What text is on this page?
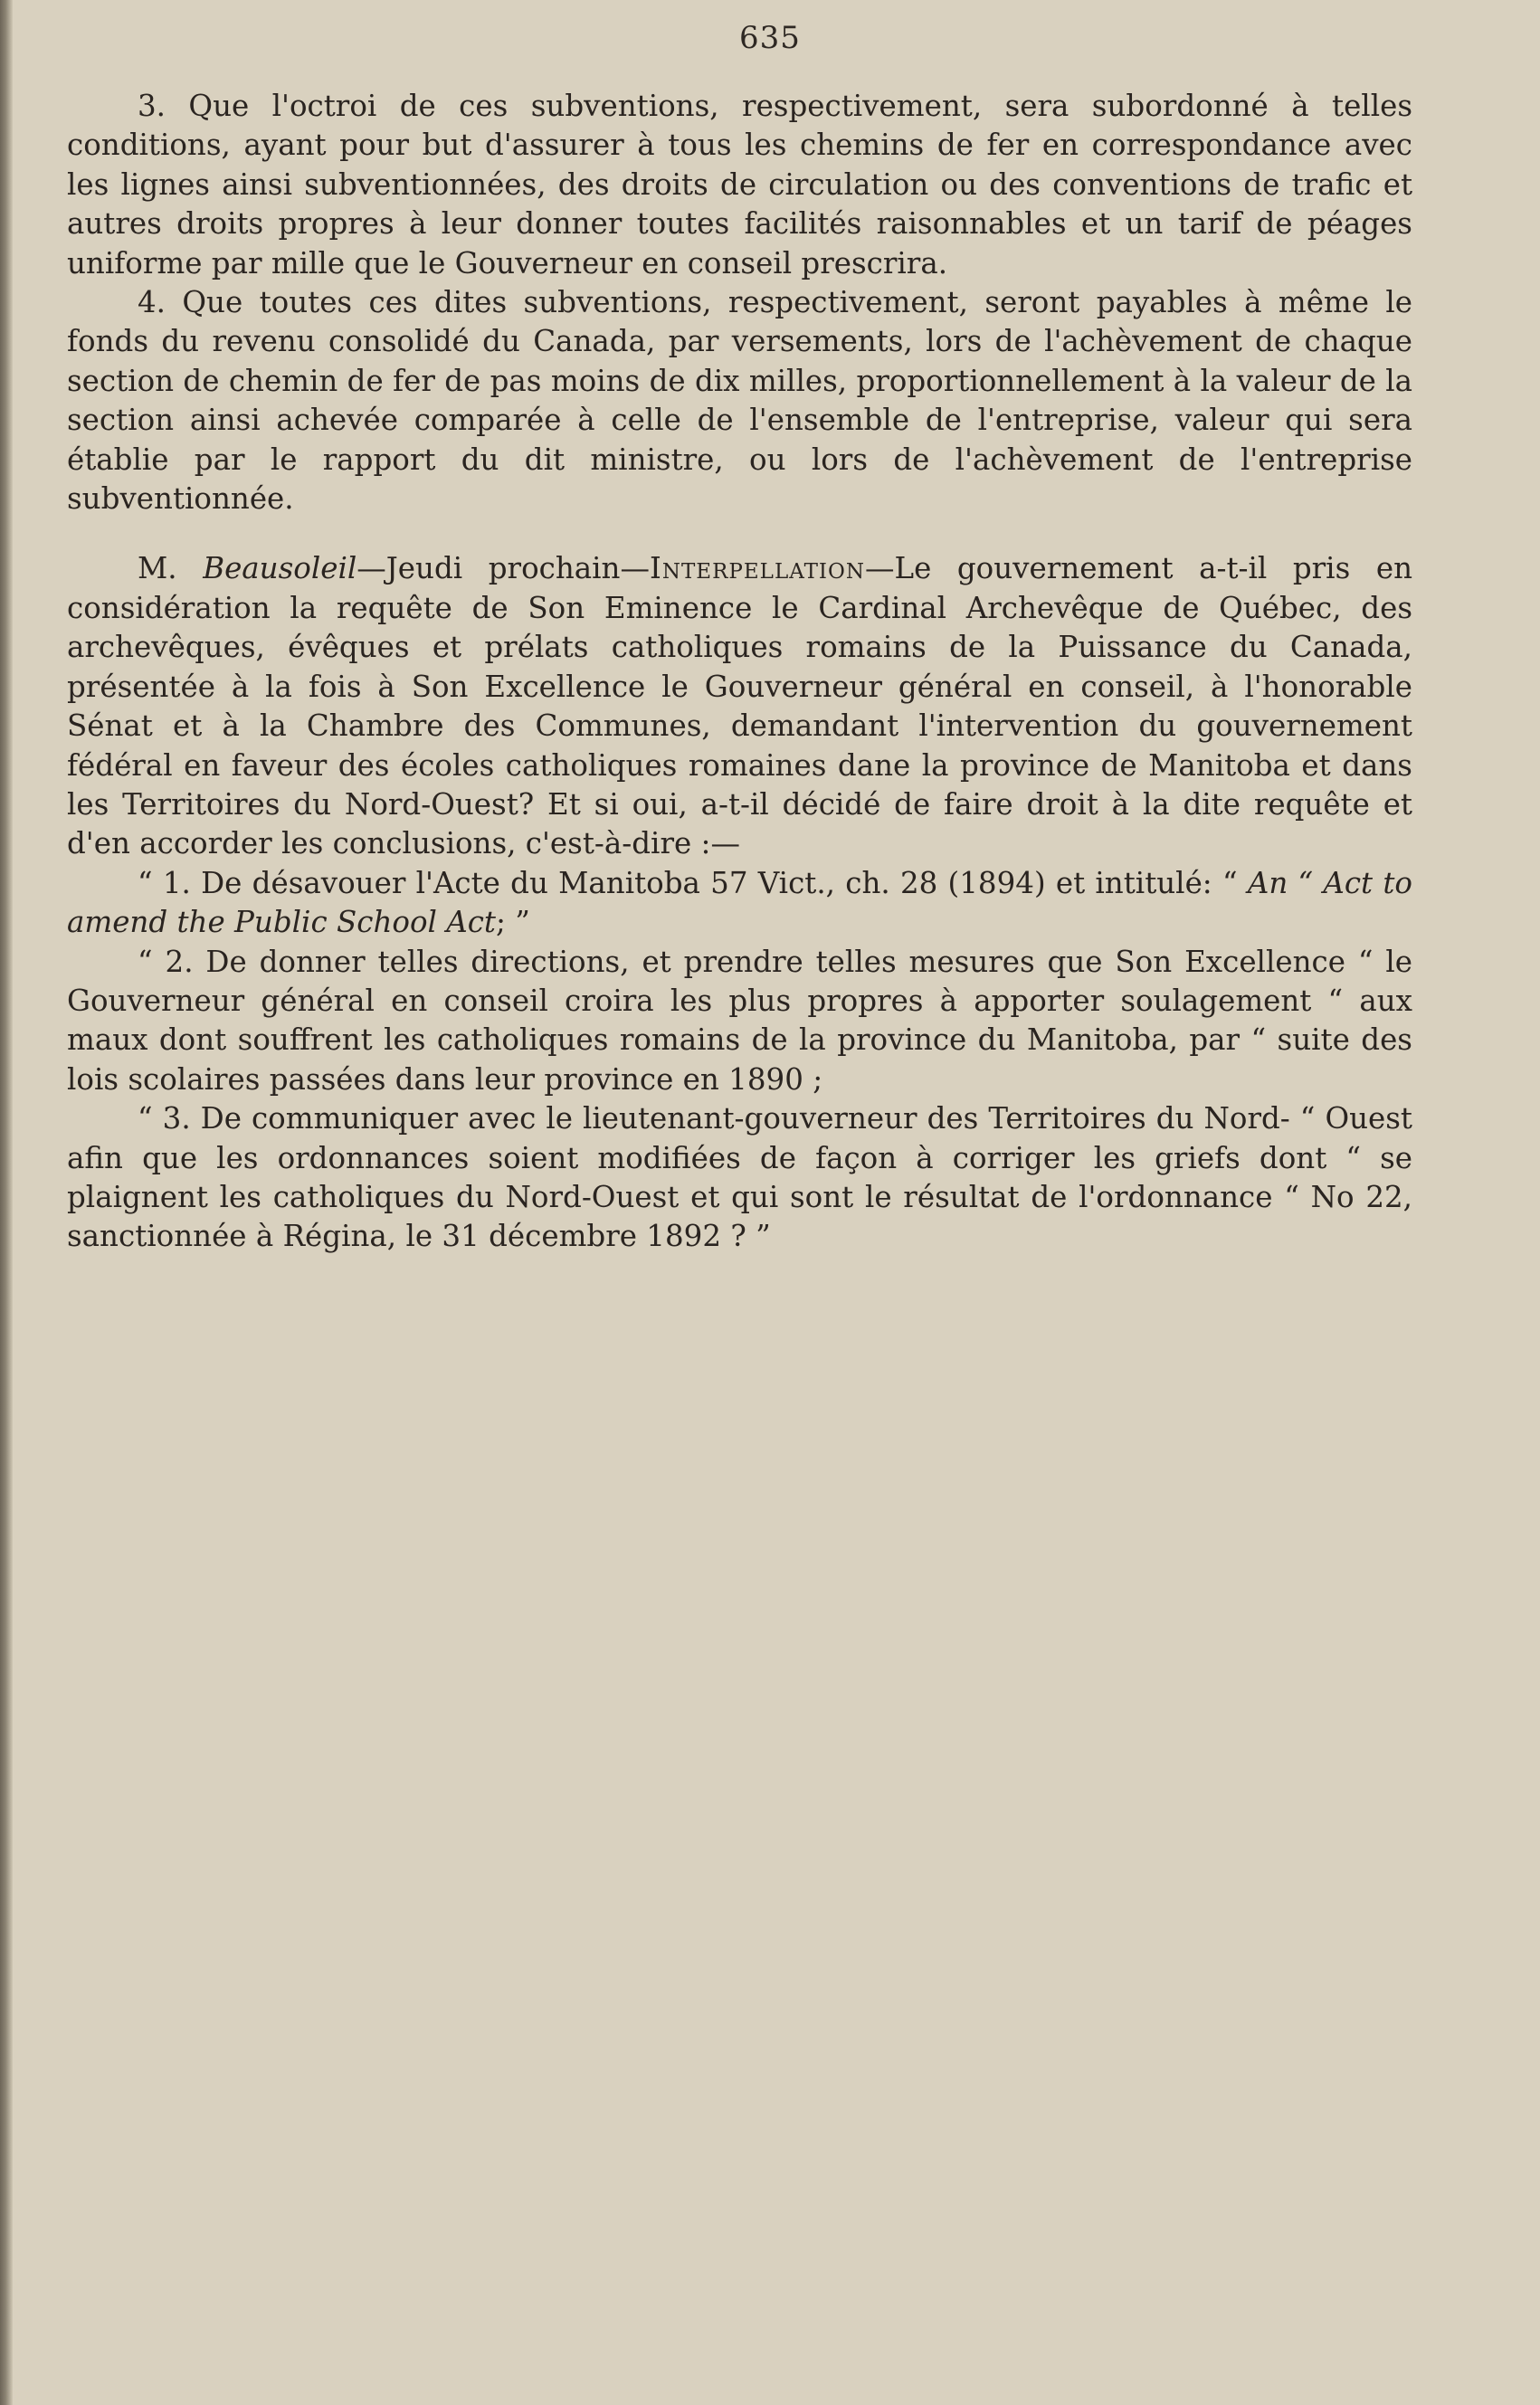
635

3. Que l'octroi de ces subventions, respectivement, sera subordonné à telles conditions, ayant pour but d'assurer à tous les chemins de fer en correspondance avec les lignes ainsi subventionnées, des droits de circulation ou des conventions de trafic et autres droits propres à leur donner toutes facilités raisonnables et un tarif de péages uniforme par mille que le Gouverneur en conseil prescrira.

4. Que toutes ces dites subventions, respectivement, seront payables à même le fonds du revenu consolidé du Canada, par versements, lors de l'achèvement de chaque section de chemin de fer de pas moins de dix milles, proportionnellement à la valeur de la section ainsi achevée comparée à celle de l'ensemble de l'entreprise, valeur qui sera établie par le rapport du dit ministre, ou lors de l'achèvement de l'entreprise subventionnée.

M. Beausoleil—Jeudi prochain—Interpellation—Le gouvernement a-t-il pris en considération la requête de Son Eminence le Cardinal Archevêque de Québec, des archevêques, évêques et prélats catholiques romains de la Puissance du Canada, présentée à la fois à Son Excellence le Gouverneur général en conseil, à l'honorable Sénat et à la Chambre des Communes, demandant l'intervention du gouvernement fédéral en faveur des écoles catholiques romaines dane la province de Manitoba et dans les Territoires du Nord-Ouest? Et si oui, a-t-il décidé de faire droit à la dite requête et d'en accorder les conclusions, c'est-à-dire :—

“ 1. De désavouer l'Acte du Manitoba 57 Vict., ch. 28 (1894) et intitulé: “ An “ Act to amend the Public School Act; ”

“ 2. De donner telles directions, et prendre telles mesures que Son Excellence “ le Gouverneur général en conseil croira les plus propres à apporter soulagement “ aux maux dont souffrent les catholiques romains de la province du Manitoba, par “ suite des lois scolaires passées dans leur province en 1890 ;

“ 3. De communiquer avec le lieutenant-gouverneur des Territoires du Nord- “ Ouest afin que les ordonnances soient modifiées de façon à corriger les griefs dont “ se plaignent les catholiques du Nord-Ouest et qui sont le résultat de l'ordonnance “ No 22, sanctionnée à Régina, le 31 décembre 1892 ? ”
